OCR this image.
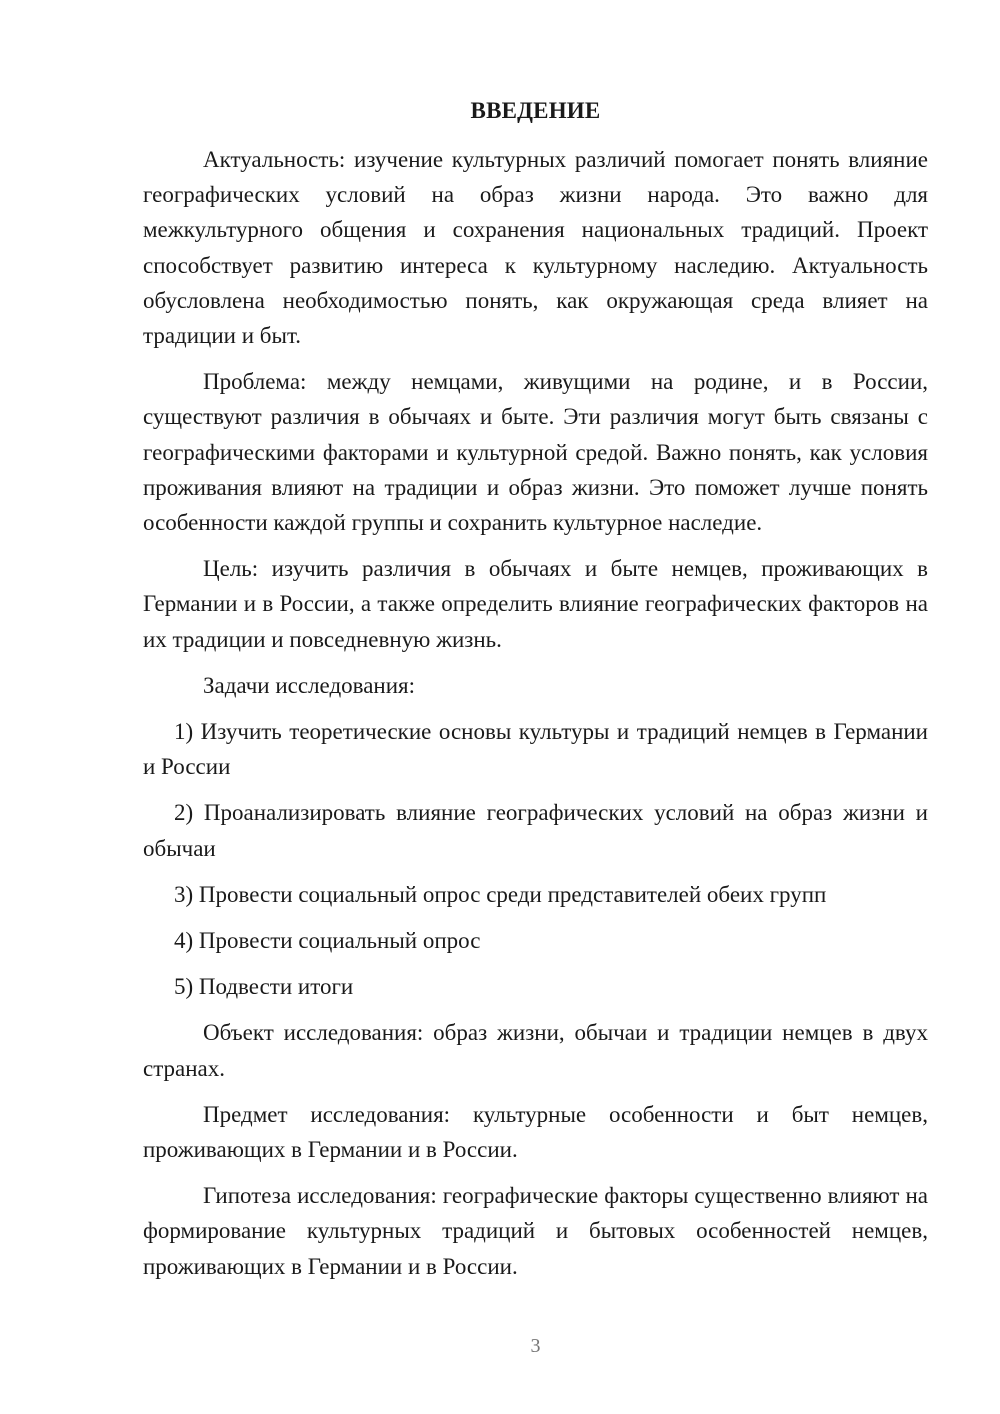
ВВЕДЕНИЕ

Актуальность: изучение культурных различий помогает понять влияние географических условий на образ жизни народа. Это важно для межкультурного общения и сохранения национальных традиций. Проект способствует развитию интереса к культурному наследию. Актуальность обусловлена необходимостью понять, как окружающая среда влияет на традиции и быт.

Проблема: между немцами, живущими на родине, и в России, существуют различия в обычаях и быте. Эти различия могут быть связаны с географическими факторами и культурной средой. Важно понять, как условия проживания влияют на традиции и образ жизни. Это поможет лучше понять особенности каждой группы и сохранить культурное наследие.

Цель: изучить различия в обычаях и быте немцев, проживающих в Германии и в России, а также определить влияние географических факторов на их традиции и повседневную жизнь.

Задачи исследования:

1) Изучить теоретические основы культуры и традиций немцев в Германии и России

2) Проанализировать влияние географических условий на образ жизни и обычаи

3) Провести социальный опрос среди представителей обеих групп

4) Провести социальный опрос

5) Подвести итоги

Объект исследования: образ жизни, обычаи и традиции немцев в двух странах.

Предмет исследования: культурные особенности и быт немцев, проживающих в Германии и в России.

Гипотеза исследования: географические факторы существенно влияют на формирование культурных традиций и бытовых особенностей немцев, проживающих в Германии и в России.

3
